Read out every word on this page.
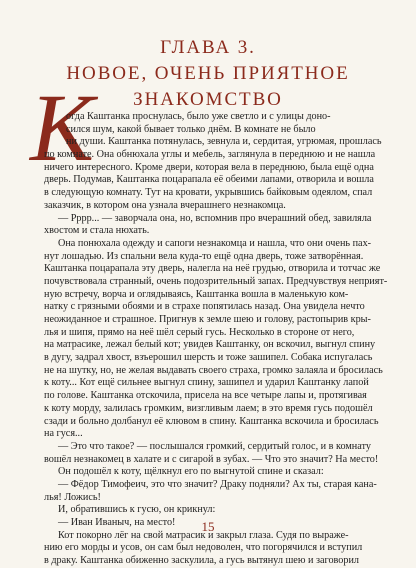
ГЛАВА 3.
НОВОЕ, ОЧЕНЬ ПРИЯТНОЕ
ЗНАКОМСТВО
К
огда Каштанка проснулась, было уже светло и с улицы доно-
сился шум, какой бывает только днём. В комнате не было
ни души. Каштанка потянулась, зевнула и, сердитая, угрюмая, прошлась
по комнате. Она обнюхала углы и мебель, заглянула в переднюю и не нашла
ничего интересного. Кроме двери, которая вела в переднюю, была ещё одна
дверь. Подумав, Каштанка поцарапала её обеими лапами, отворила и вошла
в следующую комнату. Тут на кровати, укрывшись байковым одеялом, спал
заказчик, в котором она узнала вчерашнего незнакомца.
— Рррр... — заворчала она, но, вспомнив про вчерашний обед, завиляла
хвостом и стала нюхать.
Она понюхала одежду и сапоги незнакомца и нашла, что они очень пах-
нут лошадью. Из спальни вела куда-то ещё одна дверь, тоже затворённая.
Каштанка поцарапала эту дверь, налегла на неё грудью, отворила и тотчас же
почувствовала странный, очень подозрительный запах. Предчувствуя неприят-
ную встречу, ворча и оглядываясь, Каштанка вошла в маленькую ком-
натку с грязными обоями и в страхе попятилась назад. Она увидела нечто
неожиданное и страшное. Пригнув к земле шею и голову, растопырив кры-
лья и шипя, прямо на неё шёл серый гусь. Несколько в стороне от него,
на матрасике, лежал белый кот; увидев Каштанку, он вскочил, выгнул спину
в дугу, задрал хвост, взъерошил шерсть и тоже зашипел. Собака испугалась
не на шутку, но, не желая выдавать своего страха, громко залаяла и бросилась
к коту... Кот ещё сильнее выгнул спину, зашипел и ударил Каштанку лапой
по голове. Каштанка отскочила, присела на все четыре лапы и, протягивая
к коту морду, залилась громким, визгливым лаем; в это время гусь подошёл
сзади и больно долбанул её клювом в спину. Каштанка вскочила и бросилась
на гуся...
— Это что такое? — послышался громкий, сердитый голос, и в комнату
вошёл незнакомец в халате и с сигарой в зубах. — Что это значит? На место!
Он подошёл к коту, щёлкнул его по выгнутой спине и сказал:
— Фёдор Тимофеич, это что значит? Драку подняли? Ах ты, старая кана-
лья! Ложись!
И, обратившись к гусю, он крикнул:
— Иван Иваныч, на место!
Кот покорно лёг на свой матрасик и закрыл глаза. Судя по выраже-
нию его морды и усов, он сам был недоволен, что погорячился и вступил
в драку. Каштанка обиженно заскулила, а гусь вытянул шею и заговорил
15
